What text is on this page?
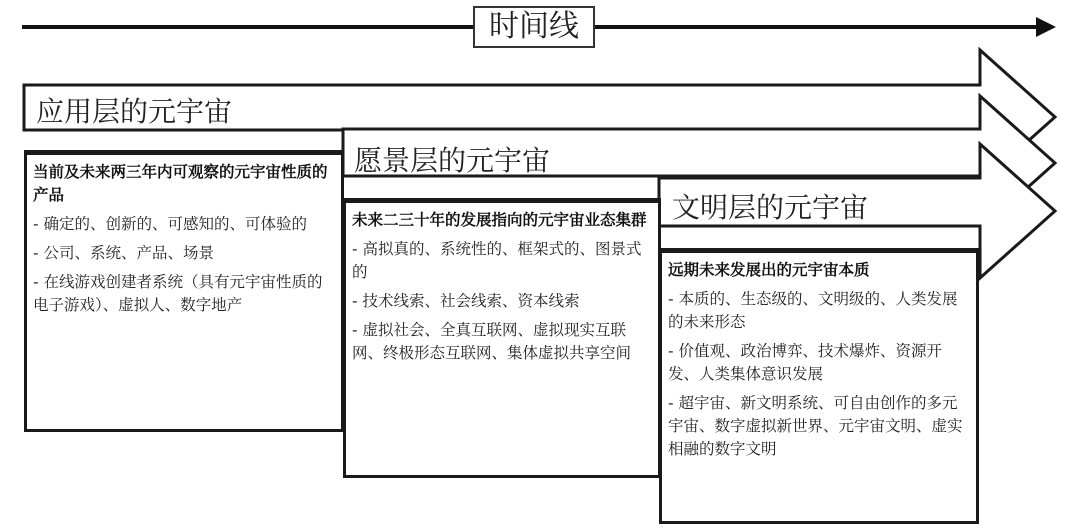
时间线
应用层的元宇宙
当前及未来两三年内可观察的元宇宙性质的产品
- 确定的、创新的、可感知的、可体验的
- 公司、系统、产品、场景
- 在线游戏创建者系统（具有元宇宙性质的电子游戏）、虚拟人、数字地产
愿景层的元宇宙
未来二三十年的发展指向的元宇宙业态集群
- 高拟真的、系统性的、框架式的、图景式的
- 技术线索、社会线索、资本线索
- 虚拟社会、全真互联网、虚拟现实互联网、终极形态互联网、集体虚拟共享空间
文明层的元宇宙
远期未来发展出的元宇宙本质
- 本质的、生态级的、文明级的、人类发展的未来形态
- 价值观、政治博弈、技术爆炸、资源开发、人类集体意识发展
- 超宇宙、新文明系统、可自由创作的多元宇宙、数字虚拟新世界、元宇宙文明、虚实相融的数字文明
